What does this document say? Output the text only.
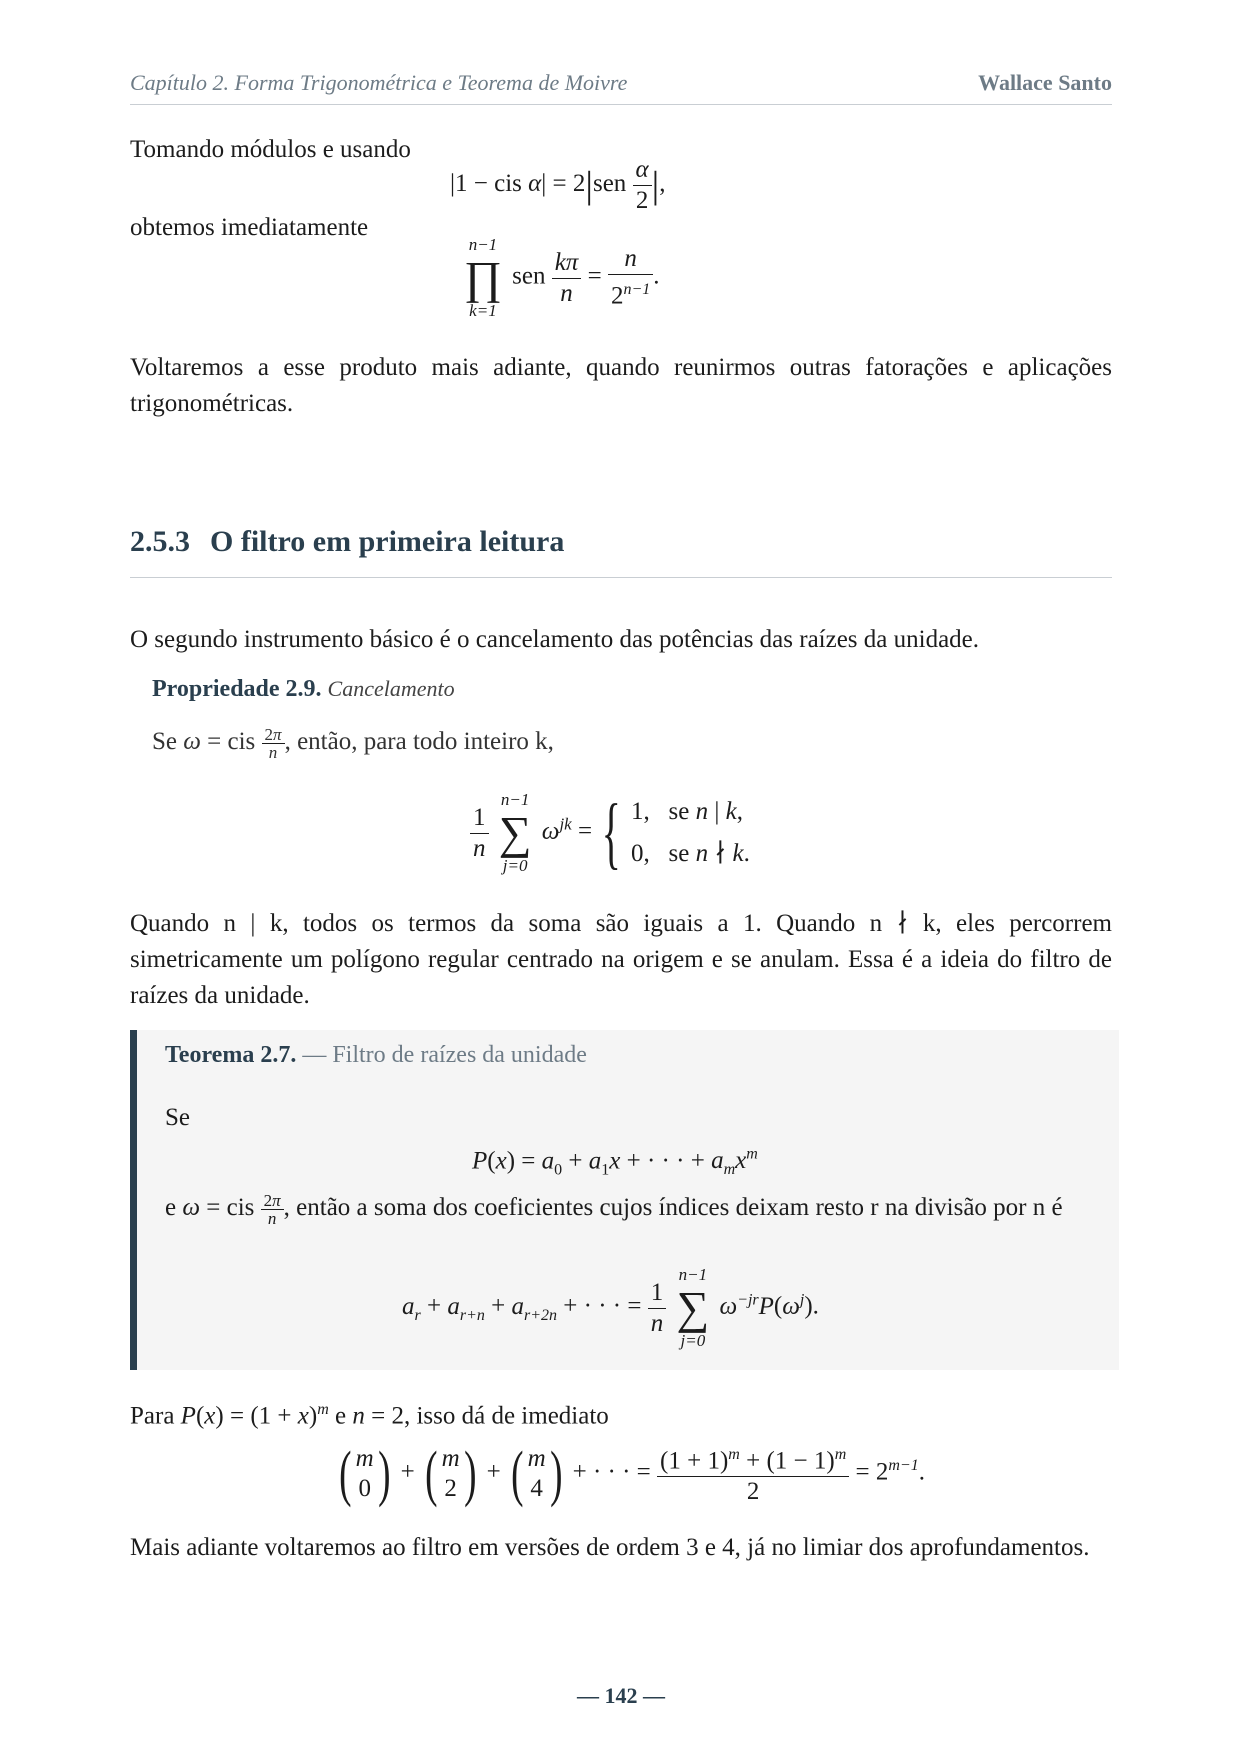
Capítulo 2. Forma Trigonométrica e Teorema de Moivre	Wallace Santo
Tomando módulos e usando
|1 − cis $\alpha| = 2|sen \frac{\alpha}{2}$ |,
obtemos imediatamente
n−1
∏
k=1
sen $\frac{k\pi}{n} = \frac{n}{2^{n-1}}$ .
Voltaremos a esse produto mais adiante, quando reunirmos outras fatorações e aplicações trigonométricas.
2.5.3 O filtro em primeira leitura
O segundo instrumento básico é o cancelamento das potências das raízes da unidade.
Propriedade 2.9. Cancelamento
Se ω = cis $\frac{2\pi}{n}$ , então, para todo inteiro k,
$\frac{1}{n}$

n−1
∑
j=0
$\omega^{jk}$ = { 1,   se n | k,
0,   se n ∤ k.
Quando n | k, todos os termos da soma são iguais a 1. Quando n ∤ k, eles percorrem simetricamente um polígono regular centrado na origem e se anulam. Essa é a ideia do filtro de raízes da unidade.
Teorema 2.7. — Filtro de raízes da unidade
Se
$P(x) = a_0 + a_1x$ + · · · + $a_mx^m$
e ω = cis $\frac{2\pi}{n}$ , então a soma dos coeficientes cujos índices deixam resto r na divisão por n é
$a_r + a_{r+n} + a_{r+2n}$ + · · · = $\frac{1}{n}$

n−1
∑
j=0
$\omega^{-jr}P(\omega^j)$.
Para $P(x) = (1 + x)^m$ e n = 2, isso dá de imediato
( m
0 ) + ( m
2 ) + ( m
4 ) + · · · = $\frac{(1 + 1)^m + (1 - 1)^m}{2} = 2^{m-1}$.
Mais adiante voltaremos ao filtro em versões de ordem 3 e 4, já no limiar dos aprofundamentos.
— 142 —
